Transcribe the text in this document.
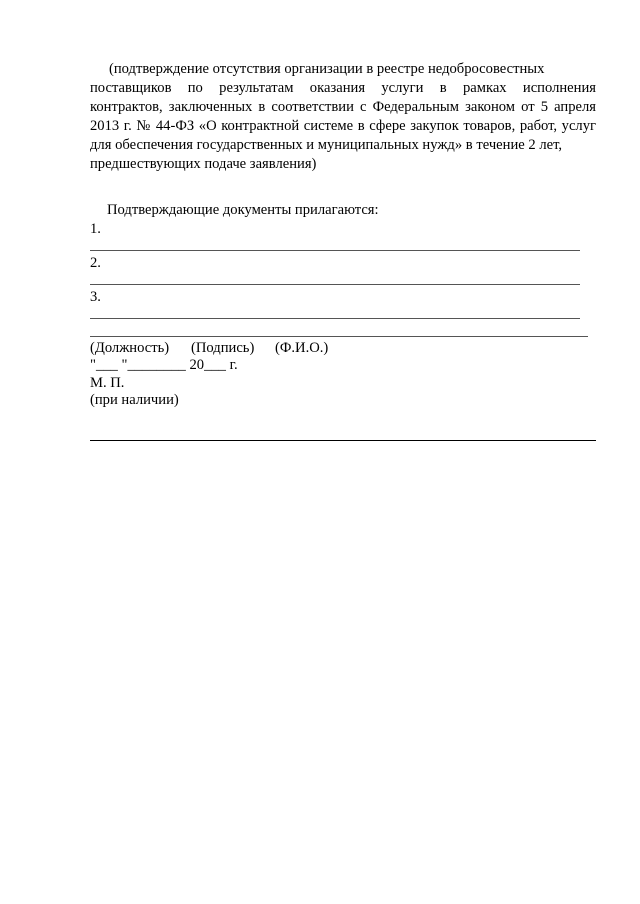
(подтверждение отсутствия организации в реестре недобросовестных
поставщиков по результатам оказания услуги в рамках исполнения
контрактов, заключенных в соответствии с Федеральным законом от 5 апреля
2013 г. № 44-ФЗ «О контрактной системе в сфере закупок товаров, работ, услуг
для обеспечения государственных и муниципальных нужд» в течение 2 лет,
предшествующих подаче заявления)
Подтверждающие документы прилагаются:
1.
2.
3.
(Должность) (Подпись) (Ф.И.О.)
"___ "________ 20___ г.
М. П.
(при наличии)
